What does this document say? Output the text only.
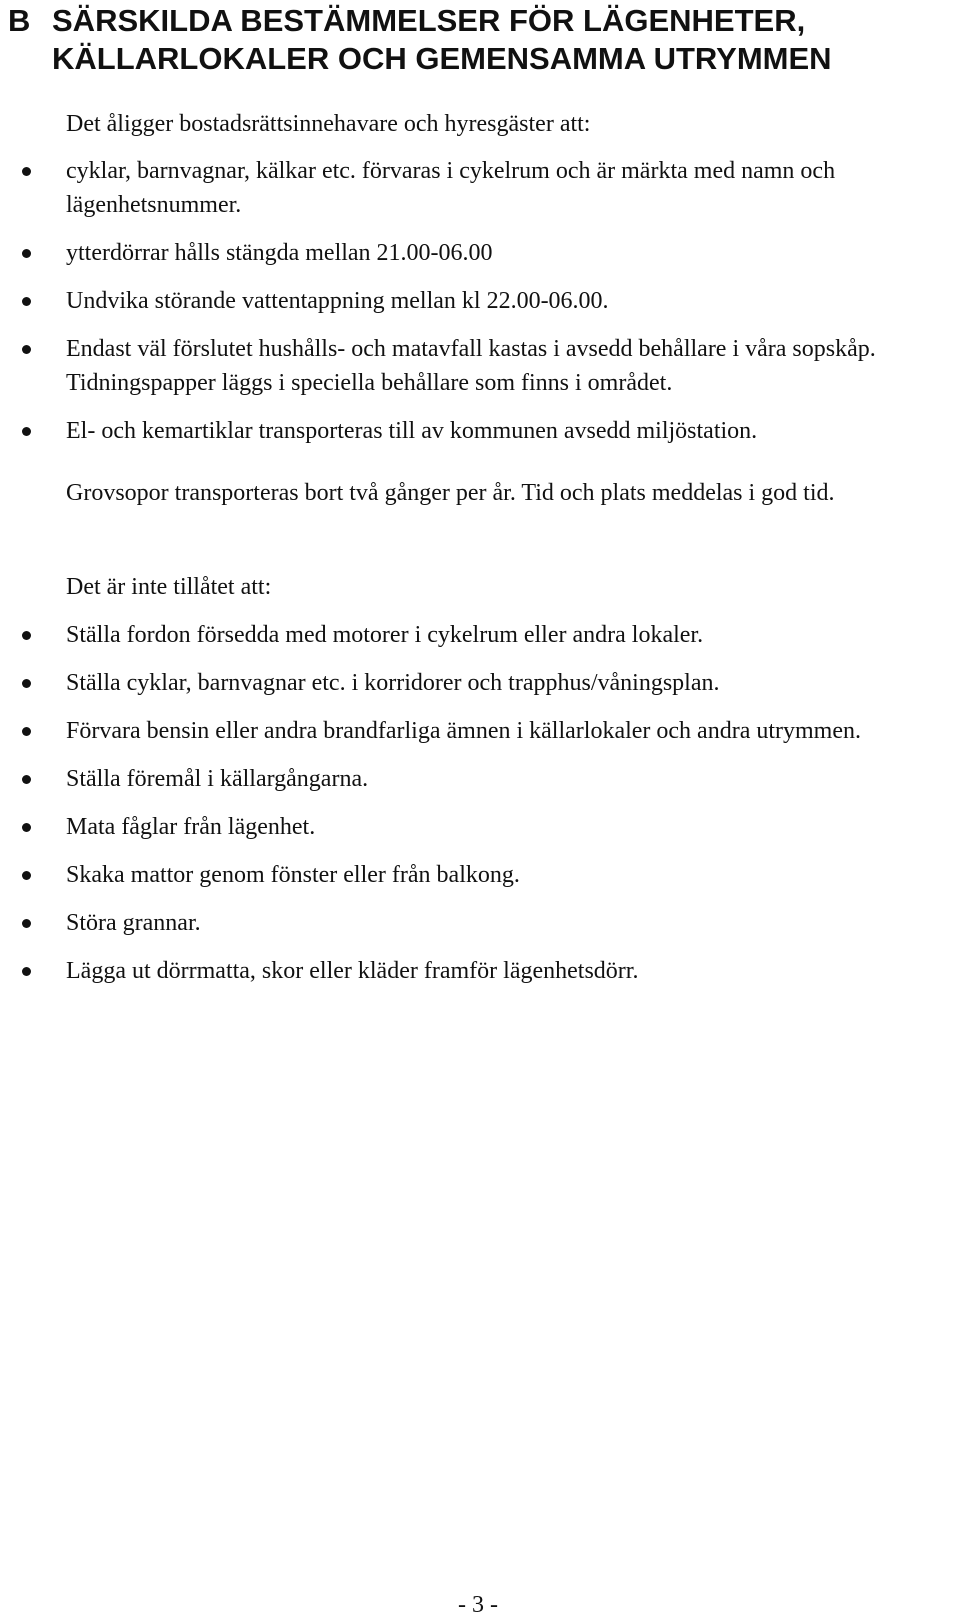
B SÄRSKILDA BESTÄMMELSER FÖR LÄGENHETER, KÄLLARLOKALER OCH GEMENSAMMA UTRYMMEN

Det åligger bostadsrättsinnehavare och hyresgäster att:

cyklar, barnvagnar, kälkar etc. förvaras i cykelrum och är märkta med namn och lägenhetsnummer.
ytterdörrar hålls stängda mellan 21.00-06.00
Undvika störande vattentappning mellan kl 22.00-06.00.
Endast väl förslutet hushålls- och matavfall kastas i avsedd behållare i våra sopskåp. Tidningspapper läggs i speciella behållare som finns i området.
El- och kemartiklar transporteras till av kommunen avsedd miljöstation.

Grovsopor transporteras bort två gånger per år. Tid och plats meddelas i god tid.

Det är inte tillåtet att:

Ställa fordon försedda med motorer i cykelrum eller andra lokaler.
Ställa cyklar, barnvagnar etc. i korridorer och trapphus/våningsplan.
Förvara bensin eller andra brandfarliga ämnen i källarlokaler och andra utrymmen.
Ställa föremål i källargångarna.
Mata fåglar från lägenhet.
Skaka mattor genom fönster eller från balkong.
Störa grannar.
Lägga ut dörrmatta, skor eller kläder framför lägenhetsdörr.
- 3 -
